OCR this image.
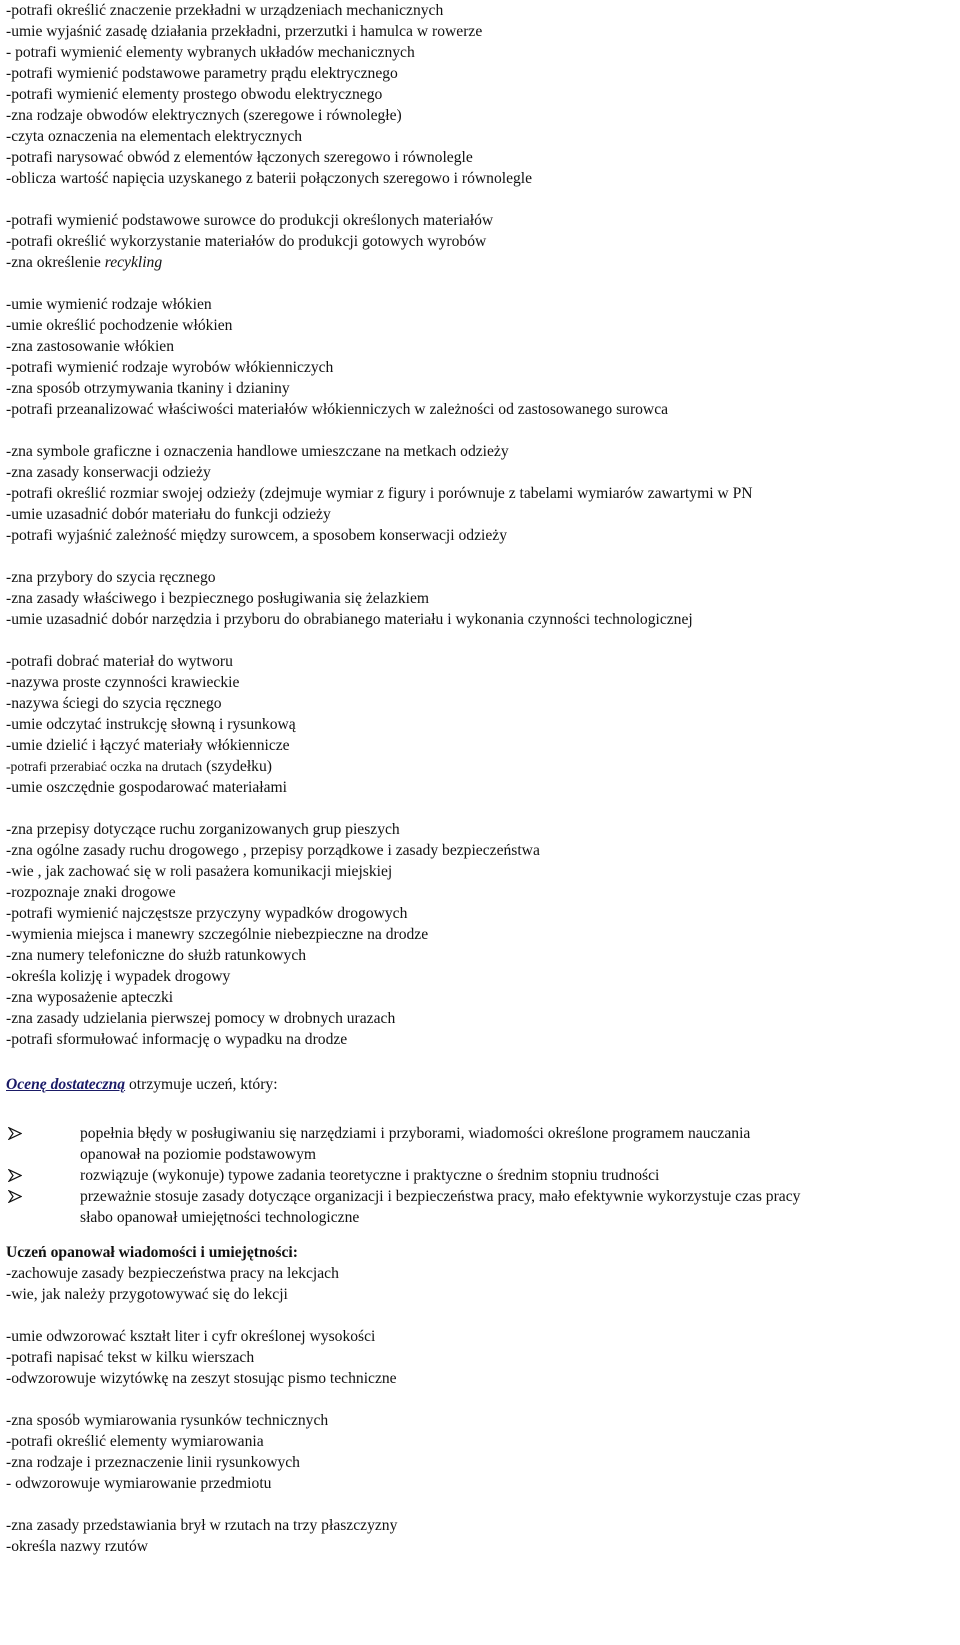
-potrafi określić znaczenie przekładni w urządzeniach mechanicznych
-umie wyjaśnić zasadę działania przekładni, przerzutki i hamulca w rowerze
- potrafi wymienić elementy wybranych układów mechanicznych
-potrafi wymienić podstawowe parametry prądu elektrycznego
-potrafi wymienić elementy prostego obwodu elektrycznego
-zna rodzaje obwodów elektrycznych (szeregowe i równoległe)
-czyta oznaczenia na elementach elektrycznych
-potrafi narysować obwód z elementów łączonych szeregowo i równolegle
-oblicza wartość napięcia uzyskanego z baterii połączonych szeregowo i równolegle
-potrafi wymienić podstawowe surowce do produkcji określonych materiałów
-potrafi określić wykorzystanie materiałów do produkcji gotowych wyrobów
-zna określenie recykling
-umie wymienić rodzaje włókien
-umie określić pochodzenie włókien
-zna zastosowanie włókien
-potrafi wymienić rodzaje wyrobów włókienniczych
-zna sposób otrzymywania tkaniny i dzianiny
-potrafi przeanalizować właściwości materiałów włókienniczych w zależności od zastosowanego surowca
-zna symbole graficzne i oznaczenia handlowe umieszczane na metkach odzieży
-zna zasady konserwacji odzieży
-potrafi określić rozmiar swojej odzieży (zdejmuje wymiar z figury i porównuje z tabelami wymiarów zawartymi w PN
-umie uzasadnić dobór materiału do funkcji odzieży
-potrafi wyjaśnić zależność między surowcem, a sposobem konserwacji odzieży
-zna przybory do szycia ręcznego
-zna zasady właściwego i bezpiecznego posługiwania się żelazkiem
-umie uzasadnić dobór narzędzia i przyboru do obrabianego materiału i wykonania czynności technologicznej
-potrafi dobrać materiał do wytworu
-nazywa proste czynności krawieckie
-nazywa ściegi do szycia ręcznego
-umie odczytać instrukcję słowną i rysunkową
-umie dzielić i łączyć materiały włókiennicze
-potrafi przerabiać oczka na drutach (szydełku)
-umie oszczędnie gospodarować materiałami
-zna przepisy dotyczące ruchu zorganizowanych grup pieszych
-zna ogólne zasady ruchu drogowego , przepisy porządkowe i zasady bezpieczeństwa
-wie , jak zachować się w roli pasażera komunikacji miejskiej
-rozpoznaje znaki drogowe
-potrafi wymienić najczęstsze przyczyny wypadków drogowych
-wymienia miejsca i manewry szczególnie niebezpieczne na drodze
-zna numery telefoniczne do służb ratunkowych
-określa kolizję i wypadek drogowy
-zna wyposażenie apteczki
-zna zasady udzielania pierwszej pomocy w drobnych urazach
-potrafi sformułować informację o wypadku na drodze
Ocenę dostateczną otrzymuje uczeń, który:
popełnia błędy w posługiwaniu się narzędziami i przyborami, wiadomości określone programem nauczania
opanował na poziomie podstawowym
rozwiązuje (wykonuje) typowe zadania teoretyczne i praktyczne o średnim stopniu trudności
przeważnie stosuje zasady dotyczące organizacji i bezpieczeństwa pracy, mało efektywnie wykorzystuje czas pracy
słabo opanował umiejętności technologiczne
Uczeń opanował wiadomości i umiejętności:
-zachowuje zasady bezpieczeństwa pracy na lekcjach
-wie, jak należy przygotowywać się do lekcji
-umie odwzorować kształt liter i cyfr określonej wysokości
-potrafi napisać tekst w kilku wierszach
-odwzorowuje wizytówkę na zeszyt stosując pismo techniczne
-zna sposób wymiarowania rysunków technicznych
-potrafi określić elementy wymiarowania
-zna rodzaje i przeznaczenie linii rysunkowych
- odwzorowuje wymiarowanie przedmiotu
-zna zasady przedstawiania brył w rzutach na trzy płaszczyzny
-określa nazwy rzutów
